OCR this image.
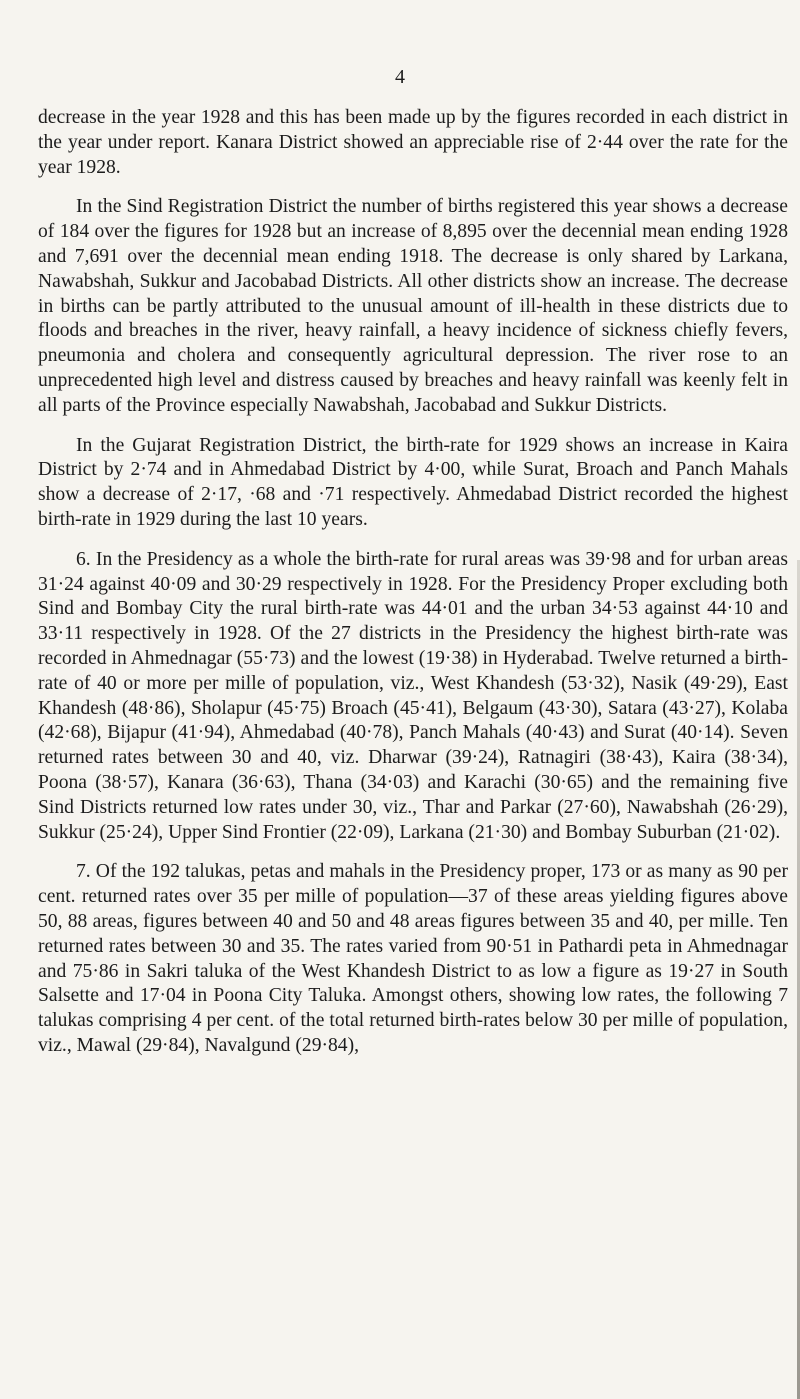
4

decrease in the year 1928 and this has been made up by the figures recorded in each district in the year under report. Kanara District showed an appreciable rise of 2·44 over the rate for the year 1928.

In the Sind Registration District the number of births registered this year shows a decrease of 184 over the figures for 1928 but an increase of 8,895 over the decennial mean ending 1928 and 7,691 over the decennial mean ending 1918. The decrease is only shared by Larkana, Nawabshah, Sukkur and Jacobabad Districts. All other districts show an increase. The decrease in births can be partly attributed to the unusual amount of ill-health in these districts due to floods and breaches in the river, heavy rainfall, a heavy incidence of sickness chiefly fevers, pneumonia and cholera and consequently agricultural depression. The river rose to an unprecedented high level and distress caused by breaches and heavy rainfall was keenly felt in all parts of the Province especially Nawabshah, Jacobabad and Sukkur Districts.

In the Gujarat Registration District, the birth-rate for 1929 shows an increase in Kaira District by 2·74 and in Ahmedabad District by 4·00, while Surat, Broach and Panch Mahals show a decrease of 2·17, ·68 and ·71 respectively. Ahmedabad District recorded the highest birth-rate in 1929 during the last 10 years.

6. In the Presidency as a whole the birth-rate for rural areas was 39·98 and for urban areas 31·24 against 40·09 and 30·29 respectively in 1928. For the Presidency Proper excluding both Sind and Bombay City the rural birth-rate was 44·01 and the urban 34·53 against 44·10 and 33·11 respectively in 1928. Of the 27 districts in the Presidency the highest birth-rate was recorded in Ahmednagar (55·73) and the lowest (19·38) in Hyderabad. Twelve returned a birth-rate of 40 or more per mille of population, viz., West Khandesh (53·32), Nasik (49·29), East Khandesh (48·86), Sholapur (45·75) Broach (45·41), Belgaum (43·30), Satara (43·27), Kolaba (42·68), Bijapur (41·94), Ahmedabad (40·78), Panch Mahals (40·43) and Surat (40·14). Seven returned rates between 30 and 40, viz. Dharwar (39·24), Ratnagiri (38·43), Kaira (38·34), Poona (38·57), Kanara (36·63), Thana (34·03) and Karachi (30·65) and the remaining five Sind Districts returned low rates under 30, viz., Thar and Parkar (27·60), Nawabshah (26·29), Sukkur (25·24), Upper Sind Frontier (22·09), Larkana (21·30) and Bombay Suburban (21·02).

7. Of the 192 talukas, petas and mahals in the Presidency proper, 173 or as many as 90 per cent. returned rates over 35 per mille of population—37 of these areas yielding figures above 50, 88 areas, figures between 40 and 50 and 48 areas figures between 35 and 40, per mille. Ten returned rates between 30 and 35. The rates varied from 90·51 in Pathardi peta in Ahmednagar and 75·86 in Sakri taluka of the West Khandesh District to as low a figure as 19·27 in South Salsette and 17·04 in Poona City Taluka. Amongst others, showing low rates, the following 7 talukas comprising 4 per cent. of the total returned birth-rates below 30 per mille of population, viz., Mawal (29·84), Navalgund (29·84),
